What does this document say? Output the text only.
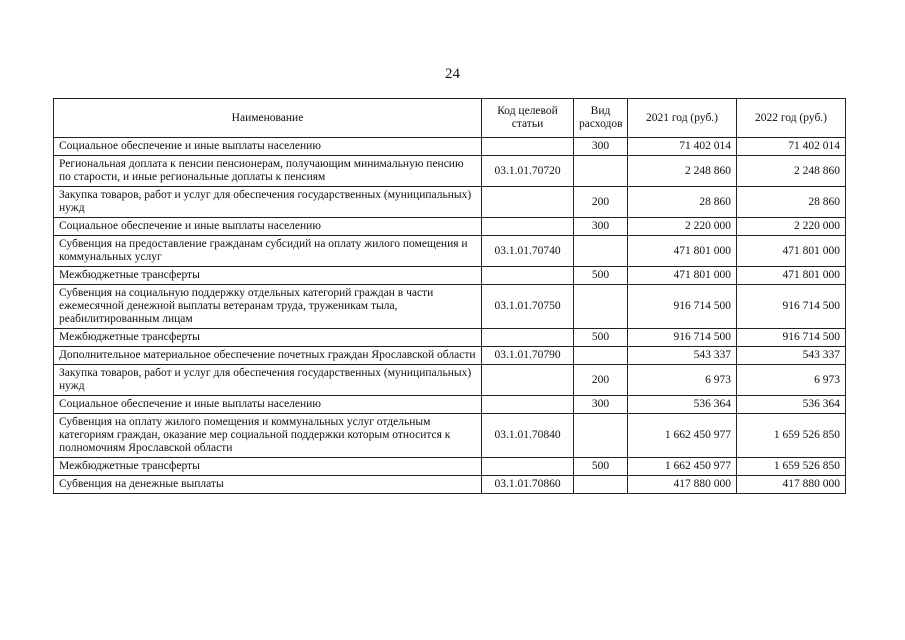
24
Наименование	Код целевой статьи	Вид расходов	2021 год (руб.)	2022 год (руб.)
Социальное обеспечение и иные выплаты населению		300	71 402 014	71 402 014
Региональная доплата к пенсии пенсионерам, получающим минимальную пенсию по старости, и иные региональные доплаты к пенсиям	03.1.01.70720		2 248 860	2 248 860
Закупка товаров, работ и услуг для обеспечения государственных (муниципальных) нужд		200	28 860	28 860
Социальное обеспечение и иные выплаты населению		300	2 220 000	2 220 000
Субвенция на предоставление гражданам субсидий на оплату жилого помещения и коммунальных услуг	03.1.01.70740		471 801 000	471 801 000
Межбюджетные трансферты		500	471 801 000	471 801 000
Субвенция на социальную поддержку отдельных категорий граждан в части ежемесячной денежной выплаты ветеранам труда, труженикам тыла, реабилитированным лицам	03.1.01.70750		916 714 500	916 714 500
Межбюджетные трансферты		500	916 714 500	916 714 500
Дополнительное материальное обеспечение почетных граждан Ярославской области	03.1.01.70790		543 337	543 337
Закупка товаров, работ и услуг для обеспечения государственных (муниципальных) нужд		200	6 973	6 973
Социальное обеспечение и иные выплаты населению		300	536 364	536 364
Субвенция на оплату жилого помещения и коммунальных услуг отдельным категориям граждан, оказание мер социальной поддержки которым относится к полномочиям Ярославской области	03.1.01.70840		1 662 450 977	1 659 526 850
Межбюджетные трансферты		500	1 662 450 977	1 659 526 850
Субвенция на денежные выплаты	03.1.01.70860		417 880 000	417 880 000
